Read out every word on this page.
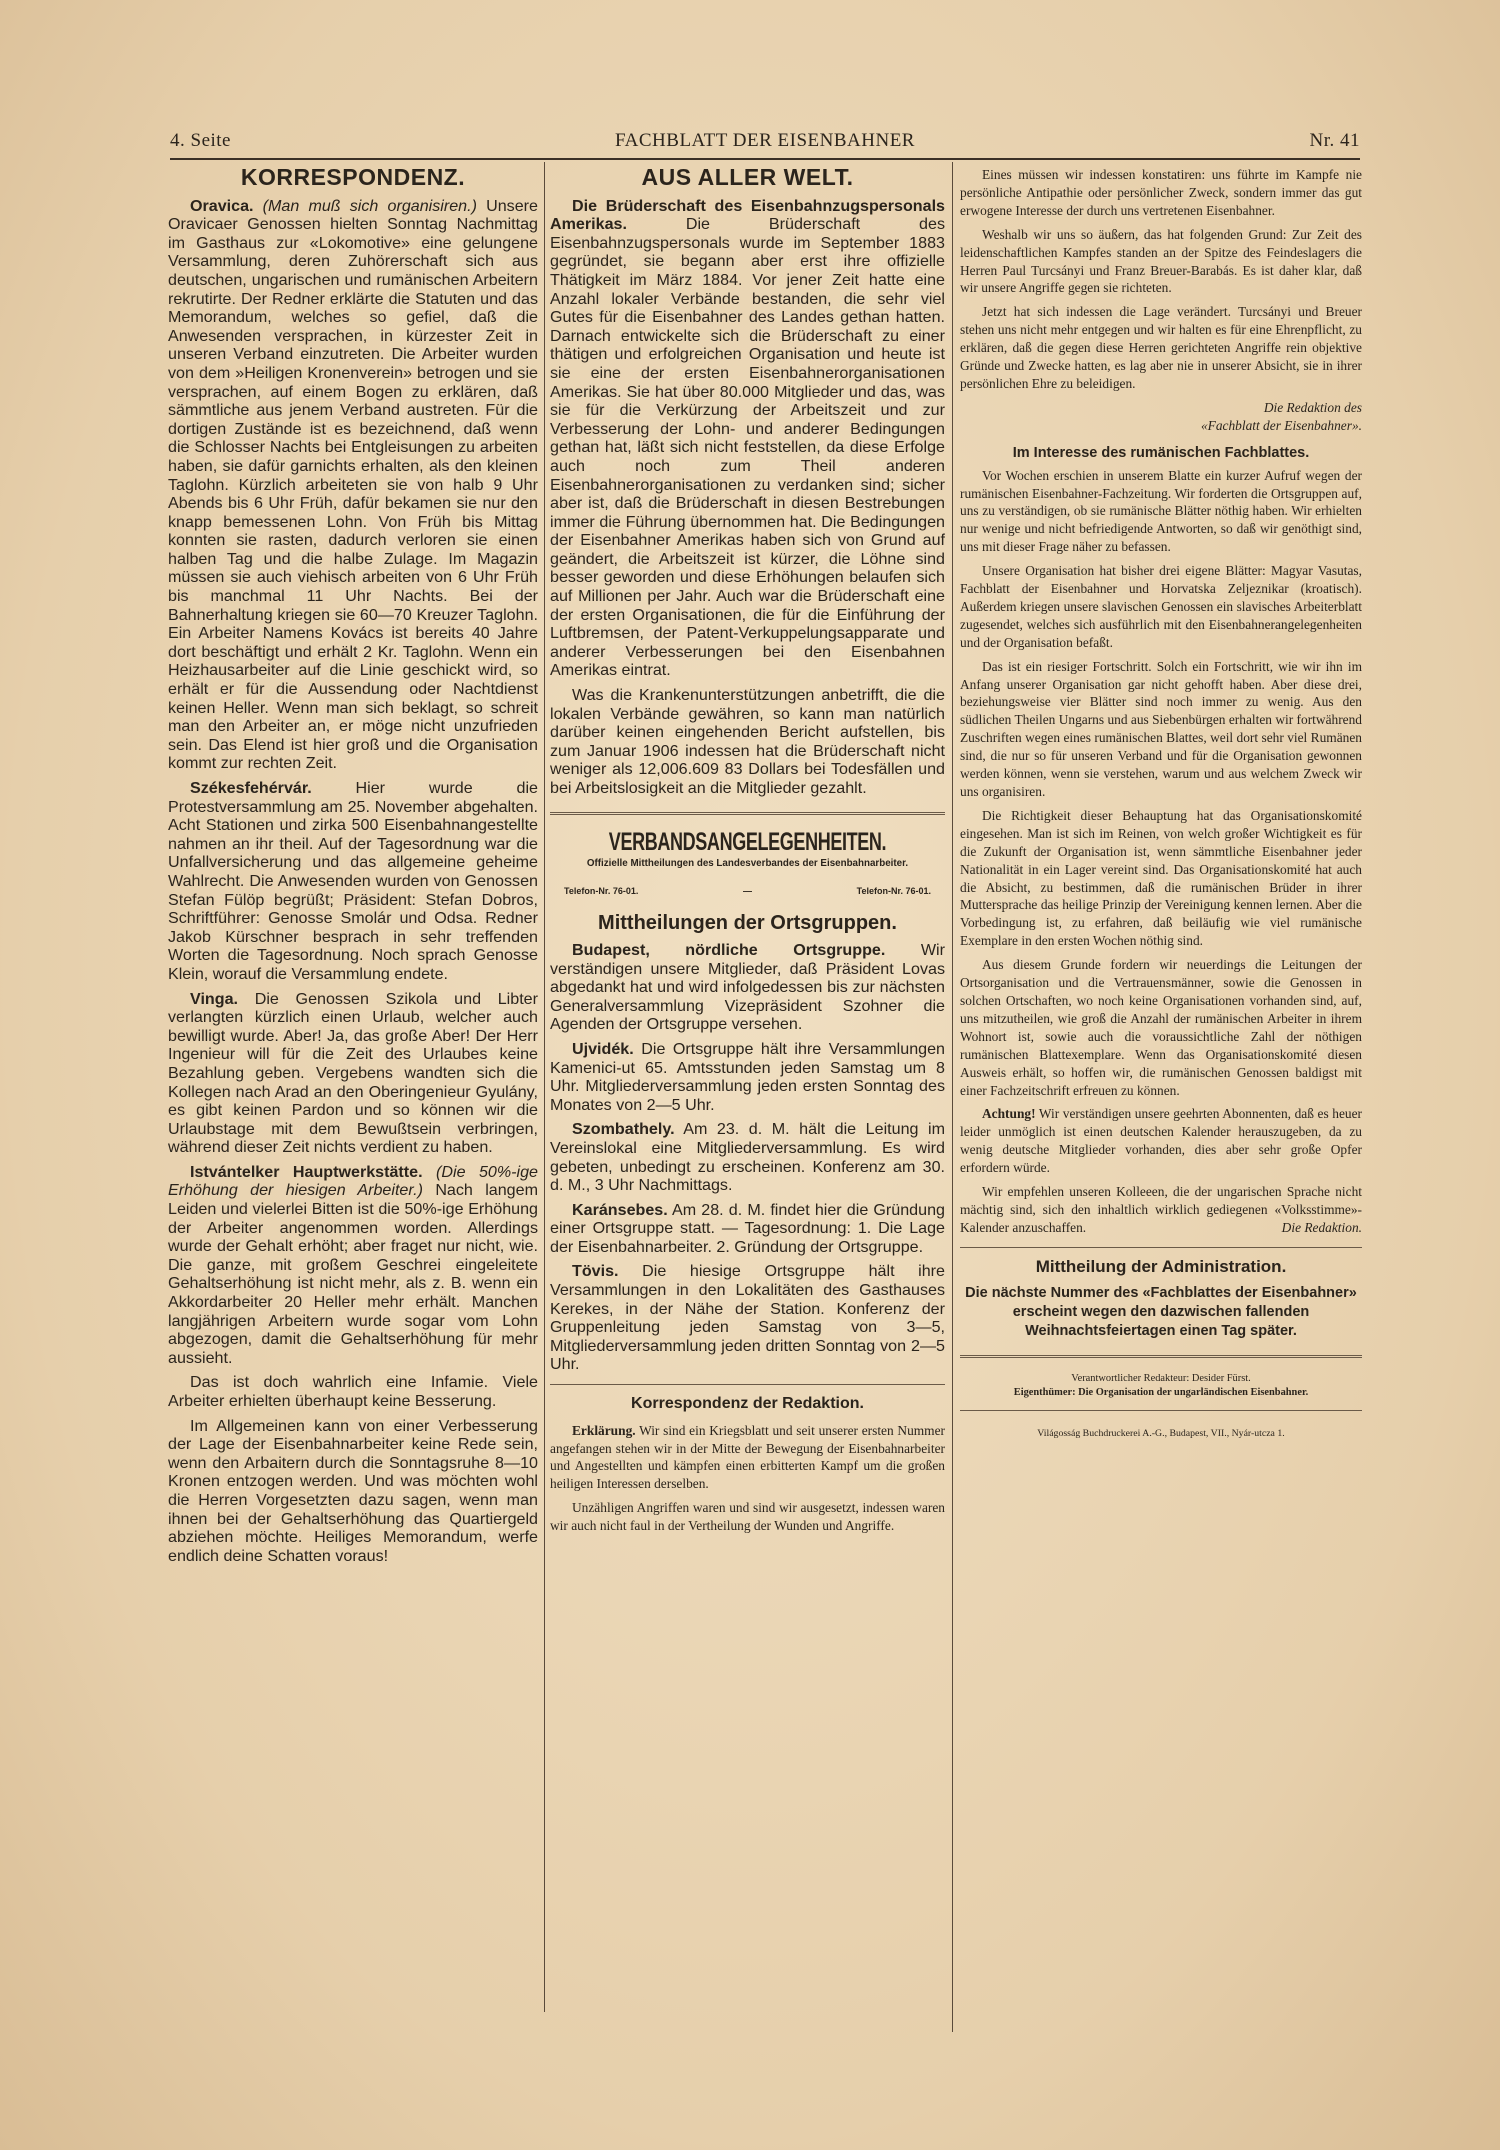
4. Seite	FACHBLATT DER EISENBAHNER	Nr. 41
KORRESPONDENZ.

Oravica. (Man muß sich organisiren.) Unsere Oravicaer Genossen hielten Sonntag Nachmittag im Gasthaus zur «Lokomotive» eine gelungene Versammlung, deren Zuhörerschaft sich aus deutschen, ungarischen und rumänischen Arbeitern rekrutirte. Der Redner erklärte die Statuten und das Memorandum, welches so gefiel, daß die Anwesenden versprachen, in kürzester Zeit in unseren Verband einzutreten. Die Arbeiter wurden von dem »Heiligen Kronenverein» betrogen und sie versprachen, auf einem Bogen zu erklären, daß sämmtliche aus jenem Verband austreten. Für die dortigen Zustände ist es bezeichnend, daß wenn die Schlosser Nachts bei Entgleisungen zu arbeiten haben, sie dafür garnichts erhalten, als den kleinen Taglohn. Kürzlich arbeiteten sie von halb 9 Uhr Abends bis 6 Uhr Früh, dafür bekamen sie nur den knapp bemessenen Lohn. Von Früh bis Mittag konnten sie rasten, dadurch verloren sie einen halben Tag und die halbe Zulage. Im Magazin müssen sie auch viehisch arbeiten von 6 Uhr Früh bis manchmal 11 Uhr Nachts. Bei der Bahnerhaltung kriegen sie 60—70 Kreuzer Taglohn. Ein Arbeiter Namens Kovács ist bereits 40 Jahre dort beschäftigt und erhält 2 Kr. Taglohn. Wenn ein Heizhausarbeiter auf die Linie geschickt wird, so erhält er für die Aussendung oder Nachtdienst keinen Heller. Wenn man sich beklagt, so schreit man den Arbeiter an, er möge nicht unzufrieden sein. Das Elend ist hier groß und die Organisation kommt zur rechten Zeit.

Székesfehérvár.	Hier wurde die Protestversammlung am 25. November abgehalten. Acht Stationen und zirka 500 Eisenbahnangestellte nahmen an ihr theil. Auf der Tagesordnung war die Unfallversicherung und das allgemeine geheime Wahlrecht. Die Anwesenden wurden von Genossen Stefan Fülöp begrüßt; Präsident: Stefan Dobros, Schriftführer: Genosse Smolár und Odsa. Redner Jakob Kürschner besprach in sehr treffenden Worten die Tagesordnung. Noch sprach Genosse Klein, worauf die Versammlung endete.

Vinga. Die Genossen Szikola und Libter verlangten kürzlich einen Urlaub, welcher auch bewilligt wurde. Aber! Ja, das große Aber! Der Herr Ingenieur will für die Zeit des Urlaubes keine Bezahlung geben. Vergebens wandten sich die Kollegen nach Arad an den Oberingenieur Gyulány, es gibt keinen Pardon und so können wir die Urlaubstage mit dem Bewußtsein verbringen, während dieser Zeit nichts verdient zu haben.

Istvántelker Hauptwerkstätte. (Die 50%-ige Erhöhung der hiesigen Arbeiter.) Nach langem Leiden und vielerlei Bitten ist die 50%-ige Erhöhung der Arbeiter angenommen worden. Allerdings wurde der Gehalt erhöht; aber fraget nur nicht, wie. Die ganze, mit großem Geschrei eingeleitete Gehaltserhöhung ist nicht mehr, als z. B. wenn ein Akkordarbeiter 20 Heller mehr erhält. Manchen langjährigen Arbeitern wurde sogar vom Lohn abgezogen, damit die Gehaltserhöhung für mehr aussieht.

Das ist doch wahrlich eine Infamie. Viele Arbeiter erhielten überhaupt keine Besserung.

Im Allgemeinen kann von einer Verbesserung der Lage der Eisenbahnarbeiter keine Rede sein, wenn den Arbaitern durch die Sonntagsruhe 8—10 Kronen entzogen werden. Und was möchten wohl die Herren Vorgesetzten dazu sagen, wenn man ihnen bei der Gehaltserhöhung das Quartiergeld abziehen möchte. Heiliges Memorandum, werfe endlich deine Schatten voraus!

AUS ALLER WELT.

Die Brüderschaft des Eisenbahnzugspersonals Amerikas.	Die Brüderschaft des Eisenbahnzugspersonals wurde im September 1883 gegründet, sie begann aber erst ihre offizielle Thätigkeit im März 1884. Vor jener Zeit hatte eine Anzahl lokaler Verbände bestanden, die sehr viel Gutes für die Eisenbahner des Landes gethan hatten. Darnach entwickelte sich die Brüderschaft zu einer thätigen und erfolgreichen Organisation und heute ist sie eine der ersten Eisenbahnerorganisationen Amerikas. Sie hat über 80.000 Mitglieder und das, was sie für die Verkürzung der Arbeitszeit und zur Verbesserung der Lohn- und anderer Bedingungen gethan hat, läßt sich nicht feststellen, da diese Erfolge auch noch zum Theil anderen Eisenbahnerorganisationen zu verdanken sind; sicher aber ist, daß die Brüderschaft in diesen Bestrebungen immer die Führung übernommen hat. Die Bedingungen der Eisenbahner Amerikas haben sich von Grund auf geändert, die Arbeitszeit ist kürzer, die Löhne sind besser geworden und diese Erhöhungen belaufen sich auf Millionen per Jahr. Auch war die Brüderschaft eine der ersten Organisationen, die für die Einführung der Luftbremsen, der Patent-Verkuppelungsapparate und anderer Verbesserungen bei den Eisenbahnen Amerikas eintrat.

Was die Krankenunterstützungen anbetrifft, die die lokalen Verbände gewähren, so kann man natürlich darüber keinen eingehenden Bericht aufstellen, bis zum Januar 1906 indessen hat die Brüderschaft nicht weniger als 12,006.609 83 Dollars bei Todesfällen und bei Arbeitslosigkeit an die Mitglieder gezahlt.

VERBANDSANGELEGENHEITEN.
Offizielle Mittheilungen des Landesverbandes der Eisenbahnarbeiter.
Telefon-Nr. 76-01.	—	Telefon-Nr. 76-01.
Mittheilungen der Ortsgruppen.

Budapest, nördliche Ortsgruppe. Wir verständigen unsere Mitglieder, daß Präsident Lovas abgedankt hat und wird infolgedessen bis zur nächsten Generalversammlung Vizepräsident Szohner die Agenden der Ortsgruppe versehen.

Ujvidék. Die Ortsgruppe hält ihre Versammlungen Kamenici-ut 65. Amtsstunden jeden Samstag um 8 Uhr. Mitgliederversammlung jeden ersten Sonntag des Monates von 2—5 Uhr.

Szombathely. Am 23. d. M. hält die Leitung im Vereinslokal eine Mitgliederversammlung. Es wird gebeten, unbedingt zu erscheinen. Konferenz am 30. d. M., 3 Uhr Nachmittags.

Karánsebes. Am 28. d. M. findet hier die Gründung einer Ortsgruppe statt. — Tagesordnung: 1. Die Lage der Eisenbahnarbeiter. 2. Gründung der Ortsgruppe.

Tövis. Die hiesige Ortsgruppe hält ihre Versammlungen in den Lokalitäten des Gasthauses Kerekes, in der Nähe der Station. Konferenz der Gruppenleitung jeden Samstag von 3—5, Mitgliederversammlung jeden dritten Sonntag von 2—5 Uhr.

Korrespondenz der Redaktion.

Erklärung. Wir sind ein Kriegsblatt und seit unserer ersten Nummer angefangen stehen wir in der Mitte der Bewegung der Eisenbahnarbeiter und Angestellten und kämpfen einen erbitterten Kampf um die großen heiligen Interessen derselben.

Unzähligen Angriffen waren und sind wir ausgesetzt, indessen waren wir auch nicht faul in der Vertheilung der Wunden und Angriffe.

Eines müssen wir indessen konstatiren: uns führte im Kampfe nie persönliche Antipathie oder persönlicher Zweck, sondern immer das gut erwogene Interesse der durch uns vertretenen Eisenbahner.

Weshalb wir uns so äußern, das hat folgenden Grund: Zur Zeit des leidenschaftlichen Kampfes standen an der Spitze des Feindeslagers die Herren Paul Turcsányi und Franz Breuer-Barabás. Es ist daher klar, daß wir unsere Angriffe gegen sie richteten.

Jetzt hat sich indessen die Lage verändert. Turcsányi und Breuer stehen uns nicht mehr entgegen und wir halten es für eine Ehrenpflicht, zu erklären, daß die gegen diese Herren gerichteten Angriffe rein objektive Gründe und Zwecke hatten, es lag aber nie in unserer Absicht, sie in ihrer persönlichen Ehre zu beleidigen.

Die Redaktion des
«Fachblatt der Eisenbahner».
Im Interesse des rumänischen Fachblattes.

Vor Wochen erschien in unserem Blatte ein kurzer Aufruf wegen der rumänischen Eisenbahner-Fachzeitung. Wir forderten die Ortsgruppen auf, uns zu verständigen, ob sie rumänische Blätter nöthig haben. Wir erhielten nur wenige und nicht befriedigende Antworten, so daß wir genöthigt sind, uns mit dieser Frage näher zu befassen.

Unsere Organisation hat bisher drei eigene Blätter: Magyar Vasutas, Fachblatt der Eisenbahner und Horvatska Zeljeznikar (kroatisch). Außerdem kriegen unsere slavischen Genossen ein slavisches Arbeiterblatt zugesendet, welches sich ausführlich mit den Eisenbahnerangelegenheiten und der Organisation befaßt.

Das ist ein riesiger Fortschritt. Solch ein Fortschritt, wie wir ihn im Anfang unserer Organisation gar nicht gehofft haben. Aber diese drei, beziehungsweise vier Blätter sind noch immer zu wenig. Aus den südlichen Theilen Ungarns und aus Siebenbürgen erhalten wir fortwährend Zuschriften wegen eines rumänischen Blattes, weil dort sehr viel Rumänen sind, die nur so für unseren Verband und für die Organisation gewonnen werden können, wenn sie verstehen, warum und aus welchem Zweck wir uns organisiren.

Die Richtigkeit dieser Behauptung hat das Organisationskomité eingesehen. Man ist sich im Reinen, von welch großer Wichtigkeit es für die Zukunft der Organisation ist, wenn sämmtliche Eisenbahner jeder Nationalität in ein Lager vereint sind. Das Organisationskomité hat auch die Absicht, zu bestimmen, daß die rumänischen Brüder in ihrer Muttersprache das heilige Prinzip der Vereinigung kennen lernen. Aber die Vorbedingung ist, zu erfahren, daß beiläufig wie viel rumänische Exemplare in den ersten Wochen nöthig sind.

Aus diesem Grunde fordern wir neuerdings die Leitungen der Ortsorganisation und die Vertrauensmänner, sowie die Genossen in solchen Ortschaften, wo noch keine Organisationen vorhanden sind, auf, uns mitzutheilen, wie groß die Anzahl der rumänischen Arbeiter in ihrem Wohnort ist, sowie auch die voraussichtliche Zahl der nöthigen rumänischen Blattexemplare. Wenn das Organisationskomité diesen Ausweis erhält, so hoffen wir, die rumänischen Genossen baldigst mit einer Fachzeitschrift erfreuen zu können.

Achtung! Wir verständigen unsere geehrten Abonnenten, daß es heuer leider unmöglich ist einen deutschen Kalender herauszugeben, da zu wenig deutsche Mitglieder vorhanden, dies aber sehr große Opfer erfordern würde.

Wir empfehlen unseren Kolleeen, die der ungarischen Sprache nicht mächtig sind, sich den inhaltlich wirklich gediegenen «Volksstimme»-Kalender anzuschaffen.	Die Redaktion.

Mittheilung der Administration.
Die nächste Nummer des «Fachblattes der Eisenbahner» erscheint wegen den dazwischen fallenden Weihnachtsfeiertagen einen Tag später.
Verantwortlicher Redakteur: Desider Fürst.
Eigenthümer: Die Organisation der ungarländischen Eisenbahner.
Világosság Buchdruckerei A.-G., Budapest, VII., Nyár-utcza 1.
